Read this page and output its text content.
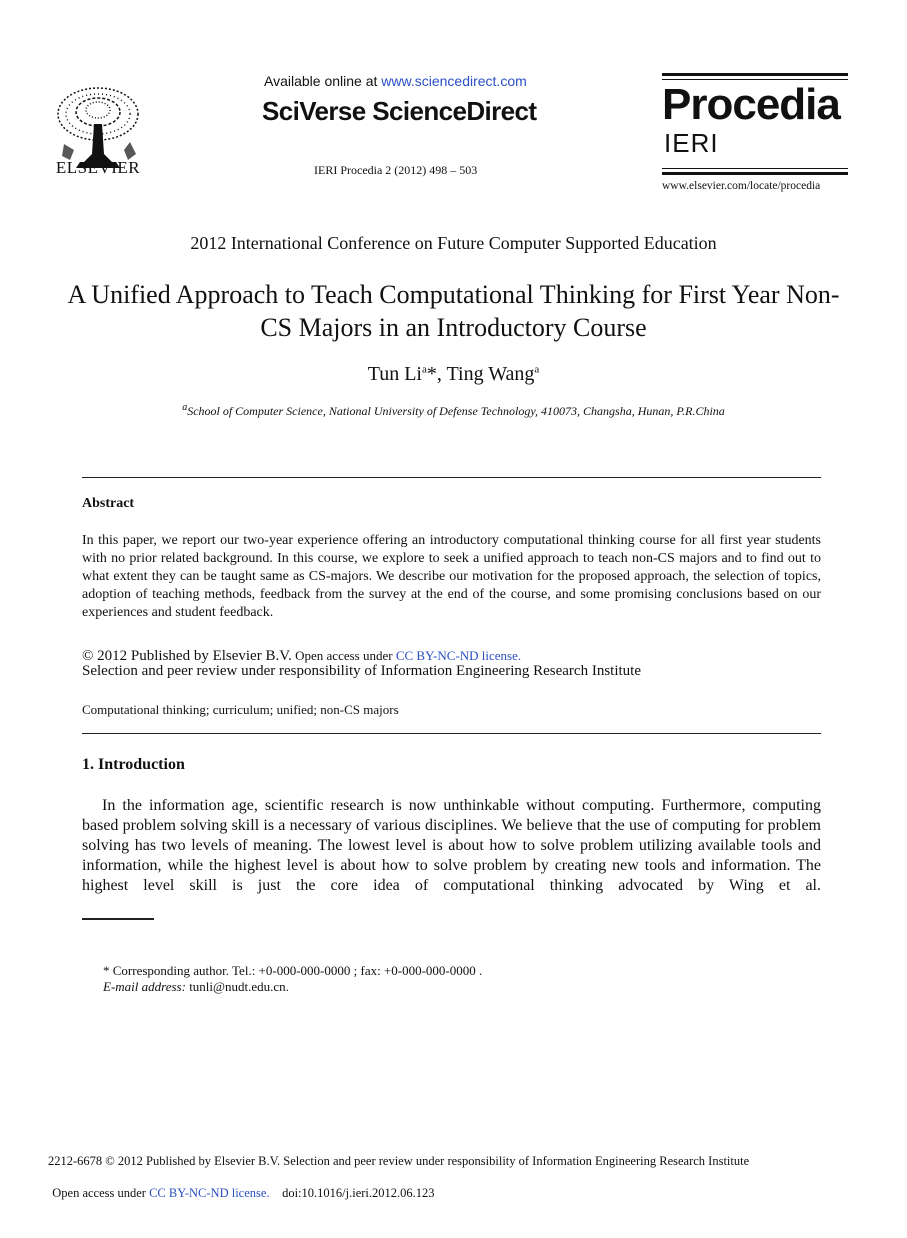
ELSEVIER
Available online at www.sciencedirect.com
SciVerse ScienceDirect
IERI Procedia 2 (2012) 498 – 503
Procedia
IERI
www.elsevier.com/locate/procedia
2012 International Conference on Future Computer Supported Education
A Unified Approach to Teach Computational Thinking for First Year Non-CS Majors in an Introductory Course
Tun Li$^a$*, Ting Wang$^a$
$^a$School of Computer Science, National University of Defense Technology, 410073, Changsha, Hunan, P.R.China
Abstract
In this paper, we report our two-year experience offering an introductory computational thinking course for all first year students with no prior related background. In this course, we explore to seek a unified approach to teach non-CS majors and to find out to what extent they can be taught same as CS-majors. We describe our motivation for the proposed approach, the selection of topics, adoption of teaching methods, feedback from the survey at the end of the course, and some promising conclusions based on our experiences and student feedback.
© 2012 Published by Elsevier B.V. Open access under CC BY-NC-ND license.
Selection and peer review under responsibility of Information Engineering Research Institute
Computational thinking; curriculum; unified; non-CS majors
1. Introduction

In the information age, scientific research is now unthinkable without computing. Furthermore, computing based problem solving skill is a necessary of various disciplines. We believe that the use of computing for problem solving has two levels of meaning. The lowest level is about how to solve problem utilizing available tools and information, while the highest level is about how to solve problem by creating new tools and information. The highest level skill is just the core idea of computational thinking advocated by Wing et al.

* Corresponding author. Tel.: +0-000-000-0000 ; fax: +0-000-000-0000 .
E-mail address: tunli@nudt.edu.cn.
2212-6678 © 2012 Published by Elsevier B.V. Selection and peer review under responsibility of Information Engineering Research Institute

Open access under CC BY-NC-ND license.    doi:10.1016/j.ieri.2012.06.123
